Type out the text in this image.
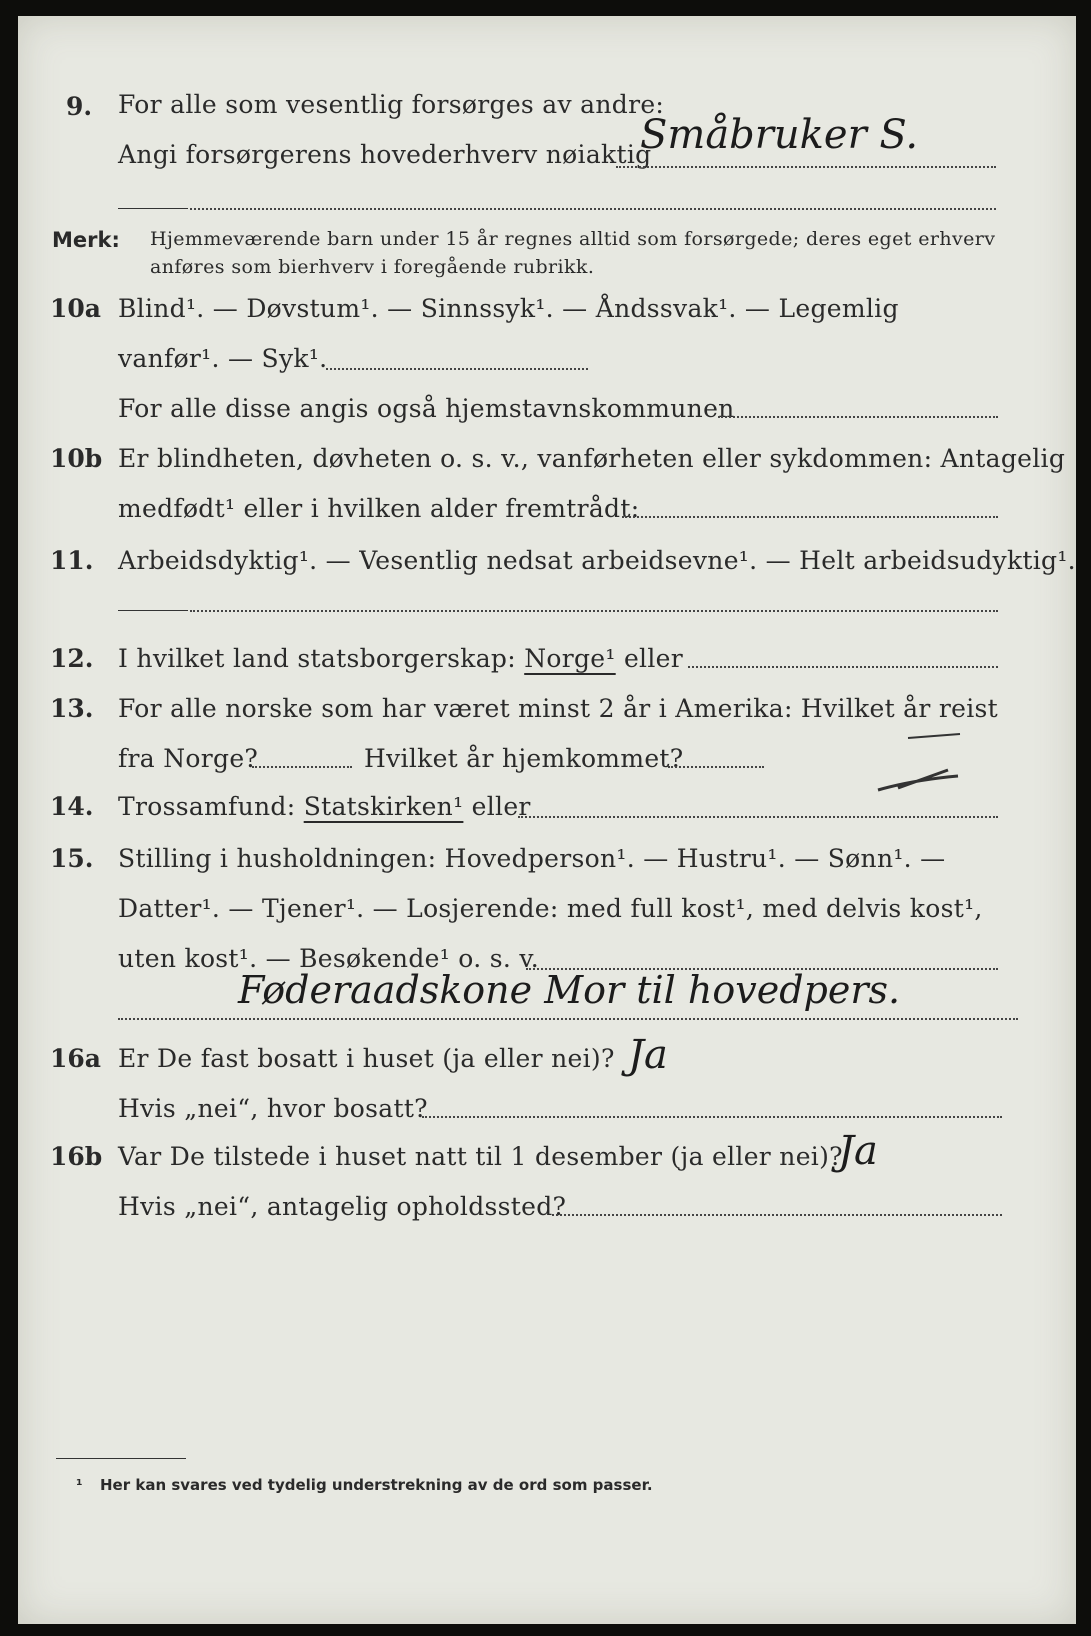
9. For alle som vesentlig forsørges av andre:
Angi forsørgerens hovederhverv nøiaktig
Småbruker S.
Merk: Hjemmeværende barn under 15 år regnes alltid som forsørgede; deres eget erhverv
anføres som bierhverv i foregående rubrikk.
10a Blind¹. — Døvstum¹. — Sinnssyk¹. — Åndssvak¹. — Legemlig
vanfør¹. — Syk¹.
For alle disse angis også hjemstavnskommunen
10b Er blindheten, døvheten o. s. v., vanførheten eller sykdommen: Antagelig
medfødt¹ eller i hvilken alder fremtrådt:
11. Arbeidsdyktig¹. — Vesentlig nedsat arbeidsevne¹. — Helt arbeidsudyktig¹.
12. I hvilket land statsborgerskap: Norge¹ eller
13. For alle norske som har været minst 2 år i Amerika: Hvilket år reist
fra Norge?	Hvilket år hjemkommet?
14. Trossamfund: Statskirken¹ eller
15. Stilling i husholdningen: Hovedperson¹. — Hustru¹. — Sønn¹. —
Datter¹. — Tjener¹. — Losjerende: med full kost¹, med delvis kost¹,
uten kost¹. — Besøkende¹ o. s. v.
Føderaadskone Mor til hovedpers.
16a Er De fast bosatt i huset (ja eller nei)? Ja
Hvis „nei“, hvor bosatt?
16b Var De tilstede i huset natt til 1 desember (ja eller nei)?
Ja
Hvis „nei“, antagelig opholdssted?
¹ Her kan svares ved tydelig understrekning av de ord som passer.
